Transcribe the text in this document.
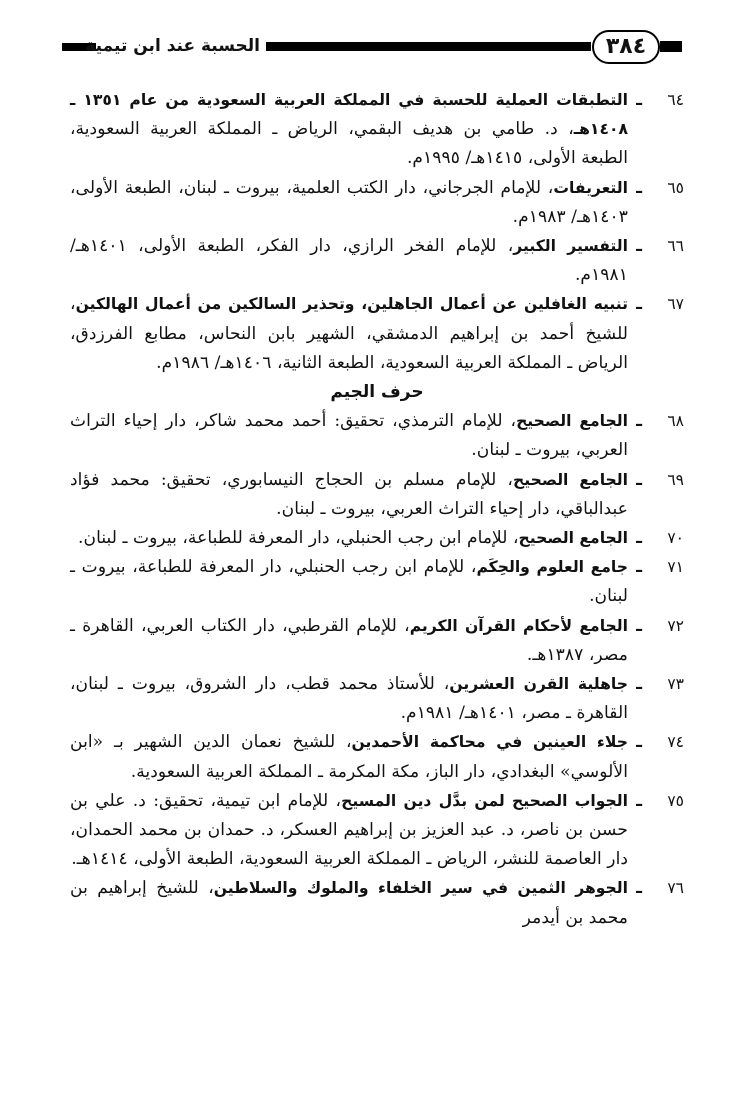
الحسبة عند ابن تيمية	٣٨٤
٦٤
ـ
التطبقات العملية للحسبة في المملكة العربية السعودية من عام ١٣٥١ ـ ١٤٠٨هـ، د. طامي بن هديف البقمي، الرياض ـ المملكة العربية السعودية، الطبعة الأولى، ١٤١٥هـ/ ١٩٩٥م.
٦٥
ـ
التعريفات، للإمام الجرجاني، دار الكتب العلمية، بيروت ـ لبنان، الطبعة الأولى، ١٤٠٣هـ/ ١٩٨٣م.
٦٦
ـ
التفسير الكبير، للإمام الفخر الرازي، دار الفكر، الطبعة الأولى، ١٤٠١هـ/ ١٩٨١م.
٦٧
ـ
تنبيه الغافلين عن أعمال الجاهلين، وتحذير السالكين من أعمال الهالكين، للشيخ أحمد بن إبراهيم الدمشقي، الشهير بابن النحاس، مطابع الفرزدق، الرياض ـ المملكة العربية السعودية، الطبعة الثانية، ١٤٠٦هـ/ ١٩٨٦م.
حرف الجيم
٦٨
ـ
الجامع الصحيح، للإمام الترمذي، تحقيق: أحمد محمد شاكر، دار إحياء التراث العربي، بيروت ـ لبنان.
٦٩
ـ
الجامع الصحيح، للإمام مسلم بن الحجاج النيسابوري، تحقيق: محمد فؤاد عبدالباقي، دار إحياء التراث العربي، بيروت ـ لبنان.
٧٠
ـ
الجامع الصحيح، للإمام ابن رجب الحنبلي، دار المعرفة للطباعة، بيروت ـ لبنان.
٧١
ـ
جامع العلوم والحِكَم، للإمام ابن رجب الحنبلي، دار المعرفة للطباعة، بيروت ـ لبنان.
٧٢
ـ
الجامع لأحكام القرآن الكريم، للإمام القرطبي، دار الكتاب العربي، القاهرة ـ مصر، ١٣٨٧هـ.
٧٣
ـ
جاهلية القرن العشرين، للأستاذ محمد قطب، دار الشروق، بيروت ـ لبنان، القاهرة ـ مصر، ١٤٠١هـ/ ١٩٨١م.
٧٤
ـ
جلاء العينين في محاكمة الأحمدين، للشيخ نعمان الدين الشهير بـ «ابن الألوسي» البغدادي، دار الباز، مكة المكرمة ـ المملكة العربية السعودية.
٧٥
ـ
الجواب الصحيح لمن بدَّل دين المسيح، للإمام ابن تيمية، تحقيق: د. علي بن حسن بن ناصر، د. عبد العزيز بن إبراهيم العسكر، د. حمدان بن محمد الحمدان، دار العاصمة للنشر، الرياض ـ المملكة العربية السعودية، الطبعة الأولى، ١٤١٤هـ.
٧٦
ـ
الجوهر الثمين في سير الخلفاء والملوك والسلاطين، للشيخ إبراهيم بن محمد بن أيدمر
